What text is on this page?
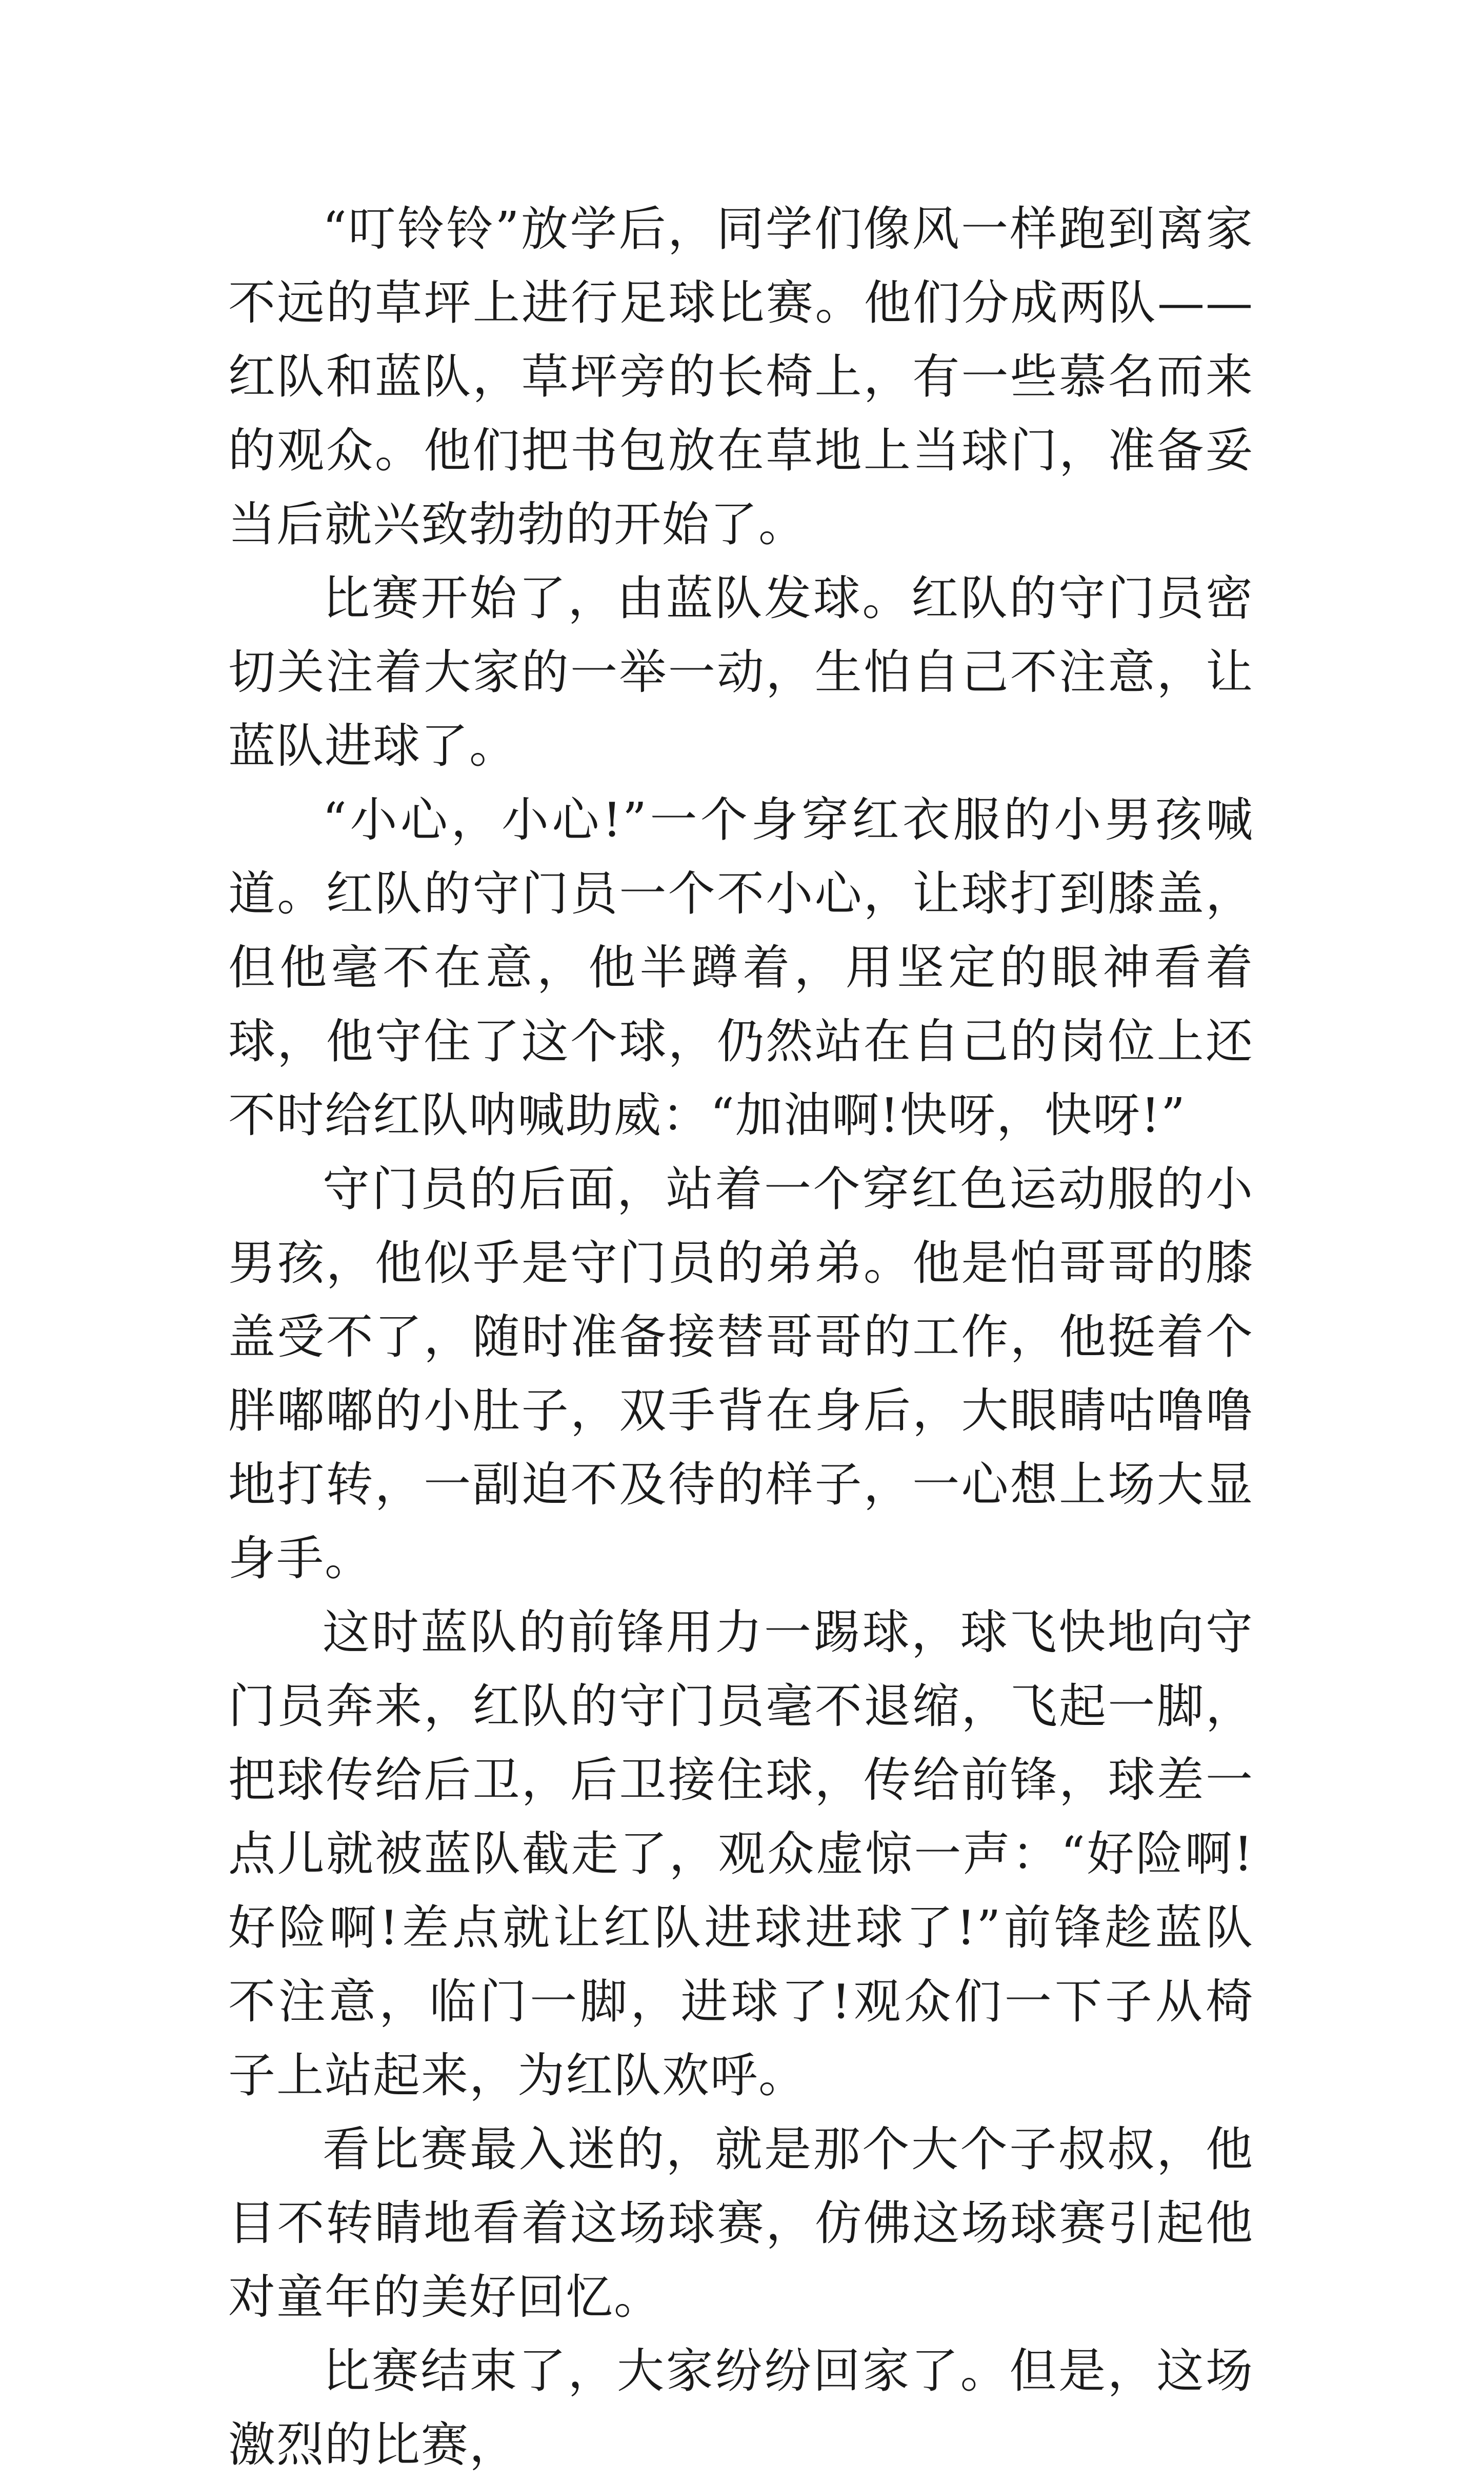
“叮铃铃”放学后，同学们像风一样跑到离家不远的草坪上进行足球比赛。他们分成两队——红队和蓝队，草坪旁的长椅上，有一些慕名而来的观众。他们把书包放在草地上当球门，准备妥当后就兴致勃勃的开始了。

比赛开始了，由蓝队发球。红队的守门员密切关注着大家的一举一动，生怕自己不注意，让蓝队进球了。

“小心，小心!”一个身穿红衣服的小男孩喊道。红队的守门员一个不小心，让球打到膝盖，但他毫不在意，他半蹲着，用坚定的眼神看着球，他守住了这个球，仍然站在自己的岗位上还不时给红队呐喊助威：“加油啊!快呀，快呀!”

守门员的后面，站着一个穿红色运动服的小男孩，他似乎是守门员的弟弟。他是怕哥哥的膝盖受不了，随时准备接替哥哥的工作，他挺着个胖嘟嘟的小肚子，双手背在身后，大眼睛咕噜噜地打转，一副迫不及待的样子，一心想上场大显身手。

这时蓝队的前锋用力一踢球，球飞快地向守门员奔来，红队的守门员毫不退缩，飞起一脚，把球传给后卫，后卫接住球，传给前锋，球差一点儿就被蓝队截走了，观众虚惊一声：“好险啊!好险啊!差点就让红队进球进球了!”前锋趁蓝队不注意，临门一脚，进球了!观众们一下子从椅子上站起来，为红队欢呼。

看比赛最入迷的，就是那个大个子叔叔，他目不转睛地看着这场球赛，仿佛这场球赛引起他对童年的美好回忆。

比赛结束了，大家纷纷回家了。但是，这场激烈的比赛，
